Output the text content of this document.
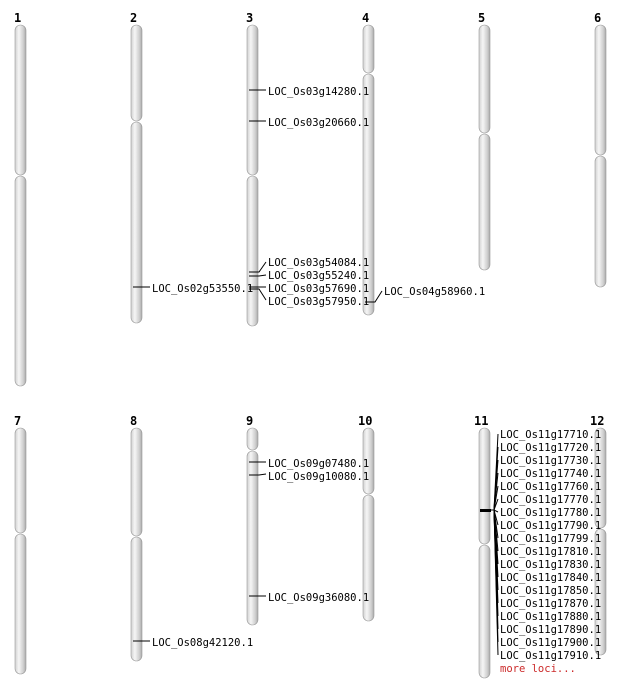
1	2	3	4	5	6
7	8	9	10	11	12
LOC_Os02g53550.1
LOC_Os03g14280.1
LOC_Os03g20660.1
LOC_Os03g54084.1
LOC_Os03g55240.1
LOC_Os03g57690.1
LOC_Os03g57950.1
LOC_Os04g58960.1
LOC_Os08g42120.1
LOC_Os09g07480.1
LOC_Os09g10080.1
LOC_Os09g36080.1
LOC_Os11g17710.1
LOC_Os11g17720.1
LOC_Os11g17730.1
LOC_Os11g17740.1
LOC_Os11g17760.1
LOC_Os11g17770.1
LOC_Os11g17780.1
LOC_Os11g17790.1
LOC_Os11g17799.1
LOC_Os11g17810.1
LOC_Os11g17830.1
LOC_Os11g17840.1
LOC_Os11g17850.1
LOC_Os11g17870.1
LOC_Os11g17880.1
LOC_Os11g17890.1
LOC_Os11g17900.1
LOC_Os11g17910.1
more loci...
